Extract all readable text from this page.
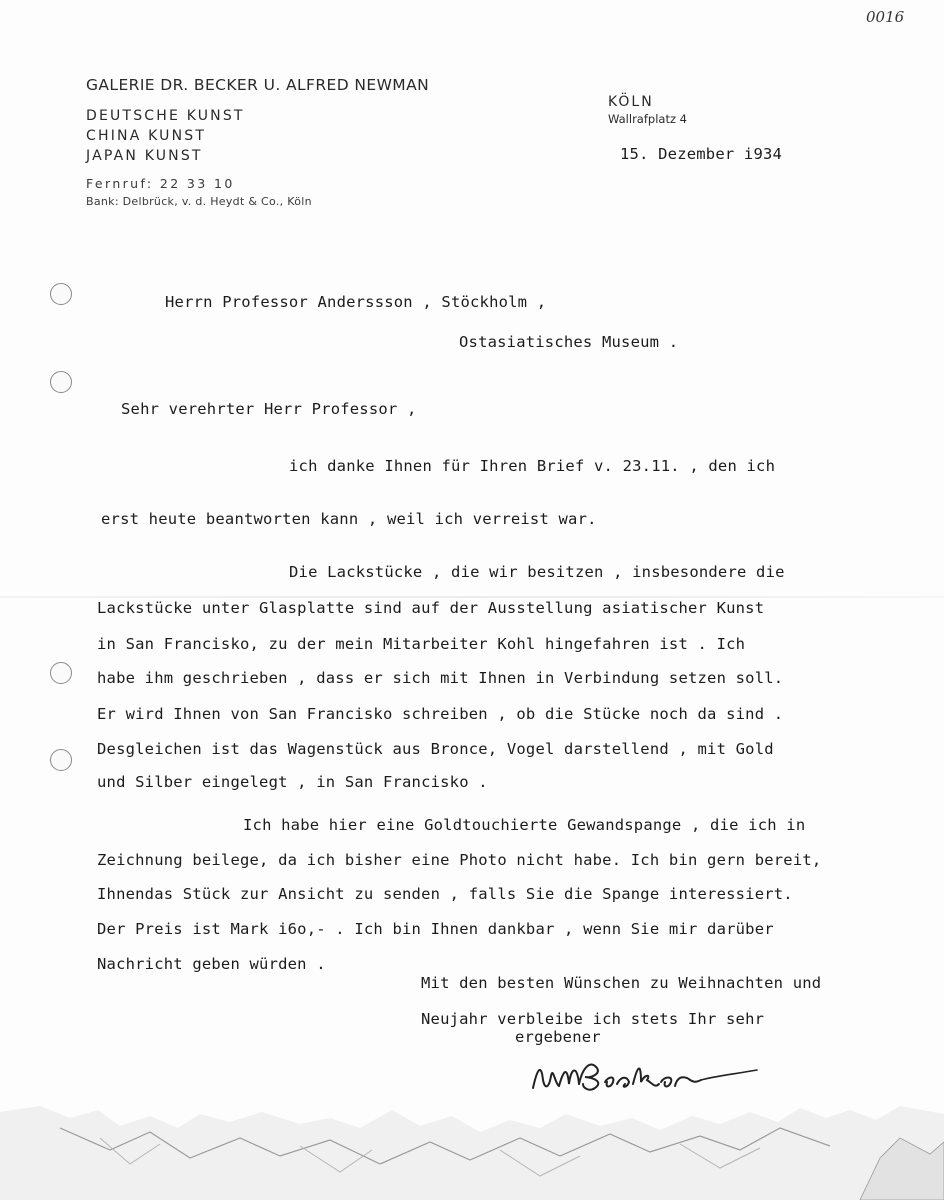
0016
GALERIE DR. BECKER U. ALFRED NEWMAN
DEUTSCHE KUNST
CHINA KUNST
JAPAN KUNST
Fernruf: 22 33 10
Bank: Delbrück, v. d. Heydt & Co., Köln
KÖLN
Wallrafplatz 4
15. Dezember i934
Herrn Professor Anderssson , Stöckholm ,
Ostasiatisches Museum .
Sehr verehrter Herr Professor ,
ich danke Ihnen für Ihren Brief v. 23.11. , den ich
erst heute beantworten kann , weil ich verreist war.
Die Lackstücke , die wir besitzen , insbesondere die
Lackstücke unter Glasplatte sind auf der Ausstellung asiatischer Kunst
in San Francisko, zu der mein Mitarbeiter Kohl hingefahren ist . Ich
habe ihm geschrieben , dass er sich mit Ihnen in Verbindung setzen soll.
Er wird Ihnen von San Francisko schreiben , ob die Stücke noch da sind .
Desgleichen ist das Wagenstück aus Bronce, Vogel darstellend , mit Gold
und Silber eingelegt , in San Francisko .
Ich habe hier eine Goldtouchierte Gewandspange , die ich in
Zeichnung beilege, da ich bisher eine Photo nicht habe. Ich bin gern bereit,
Ihnendas Stück zur Ansicht zu senden , falls Sie die Spange interessiert.
Der Preis ist Mark i6o,- . Ich bin Ihnen dankbar , wenn Sie mir darüber
Nachricht geben würden .
Mit den besten Wünschen zu Weihnachten und
Neujahr verbleibe ich stets Ihr sehr
ergebener
